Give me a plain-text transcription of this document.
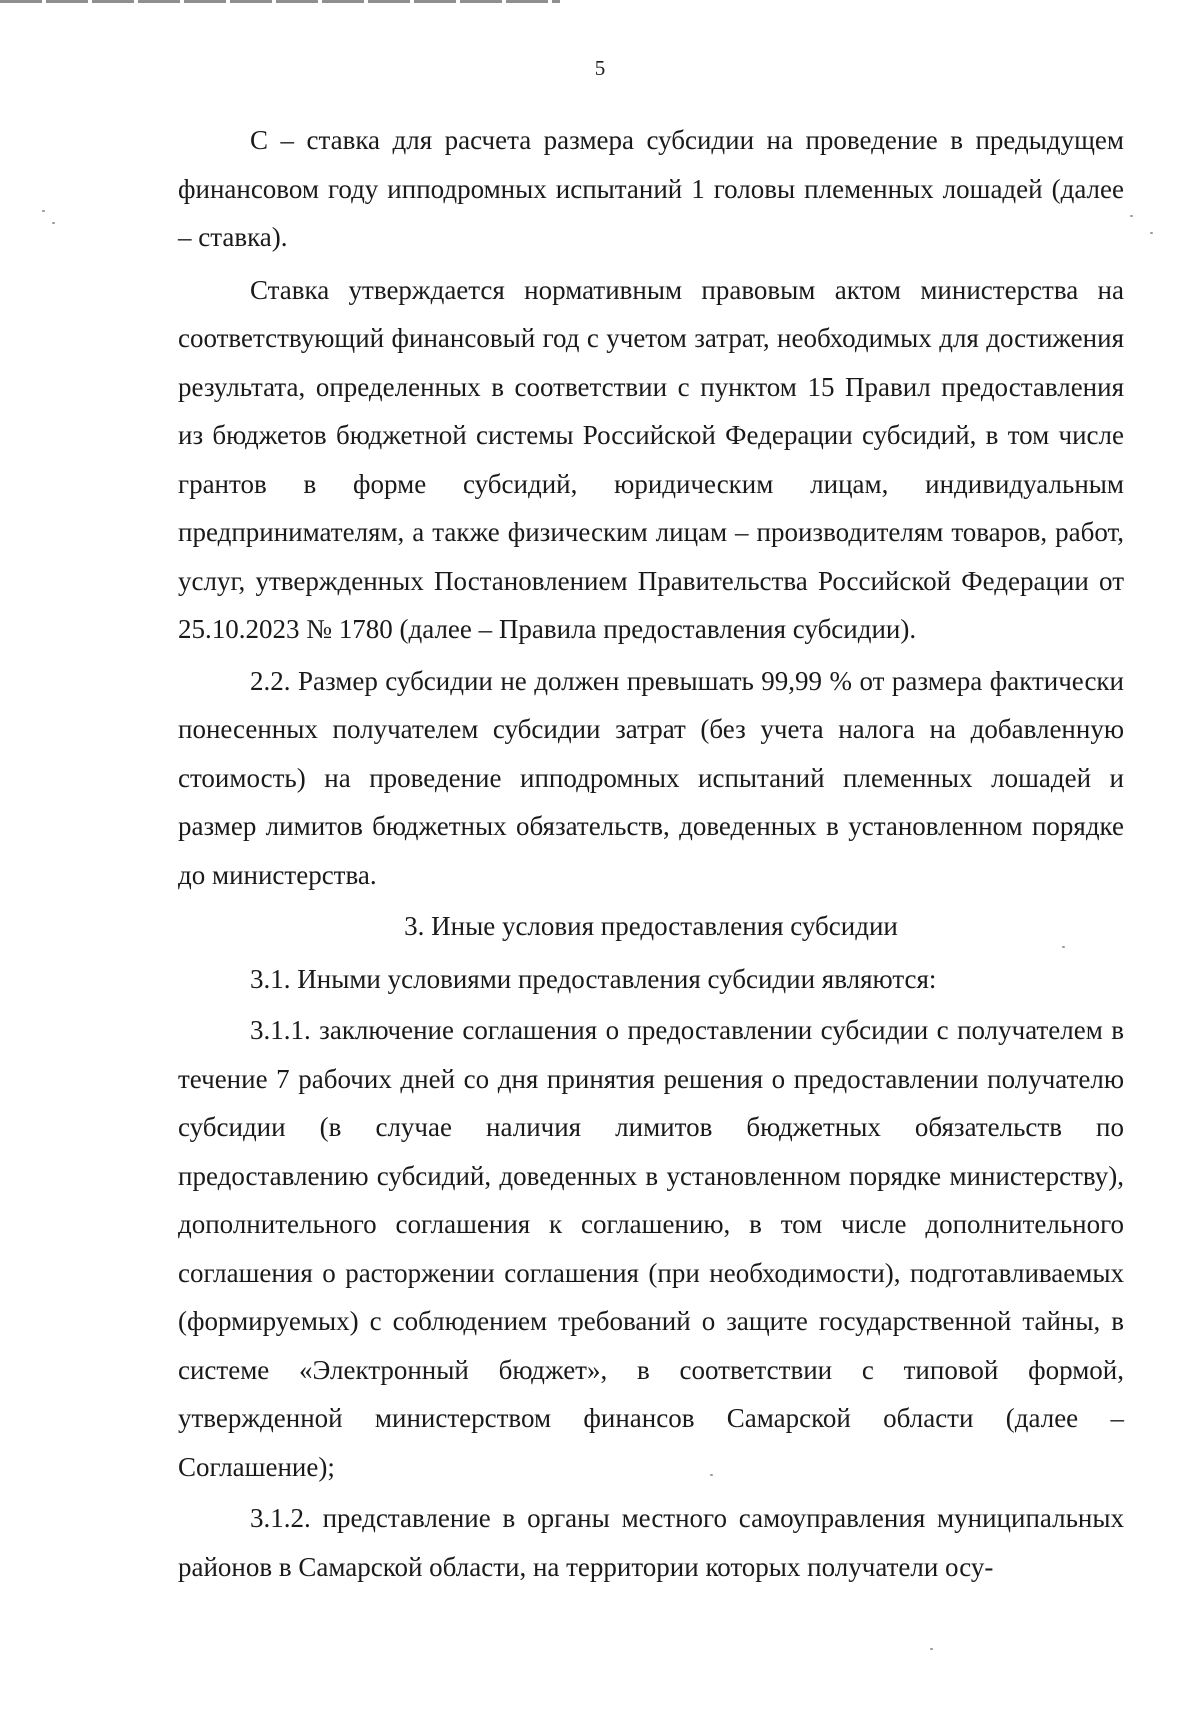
5

С – ставка для расчета размера субсидии на проведение в предыдущем финансовом году ипподромных испытаний 1 головы племенных лошадей (далее – ставка).

Ставка утверждается нормативным правовым актом министерства на соответствующий финансовый год с учетом затрат, необходимых для достижения результата, определенных в соответствии с пунктом 15 Правил предоставления из бюджетов бюджетной системы Российской Федерации субсидий, в том числе грантов в форме субсидий, юридическим лицам, индивидуальным предпринимателям, а также физическим лицам – производителям товаров, работ, услуг, утвержденных Постановлением Правительства Российской Федерации от 25.10.2023 № 1780 (далее – Правила предоставления субсидии).

2.2. Размер субсидии не должен превышать 99,99 % от размера фактически понесенных получателем субсидии затрат (без учета налога на добавленную стоимость) на проведение ипподромных испытаний племенных лошадей и размер лимитов бюджетных обязательств, доведенных в установленном порядке до министерства.

3. Иные условия предоставления субсидии

3.1. Иными условиями предоставления субсидии являются:

3.1.1. заключение соглашения о предоставлении субсидии с получателем в течение 7 рабочих дней со дня принятия решения о предоставлении получателю субсидии (в случае наличия лимитов бюджетных обязательств по предоставлению субсидий, доведенных в установленном порядке министерству), дополнительного соглашения к соглашению, в том числе дополнительного соглашения о расторжении соглашения (при необходимости), подготавливаемых (формируемых) с соблюдением требований о защите государственной тайны, в системе «Электронный бюджет», в соответствии с типовой формой, утвержденной министерством финансов Самарской области (далее – Соглашение);

3.1.2. представление в органы местного самоуправления муниципальных районов в Самарской области, на территории которых получатели осу-
